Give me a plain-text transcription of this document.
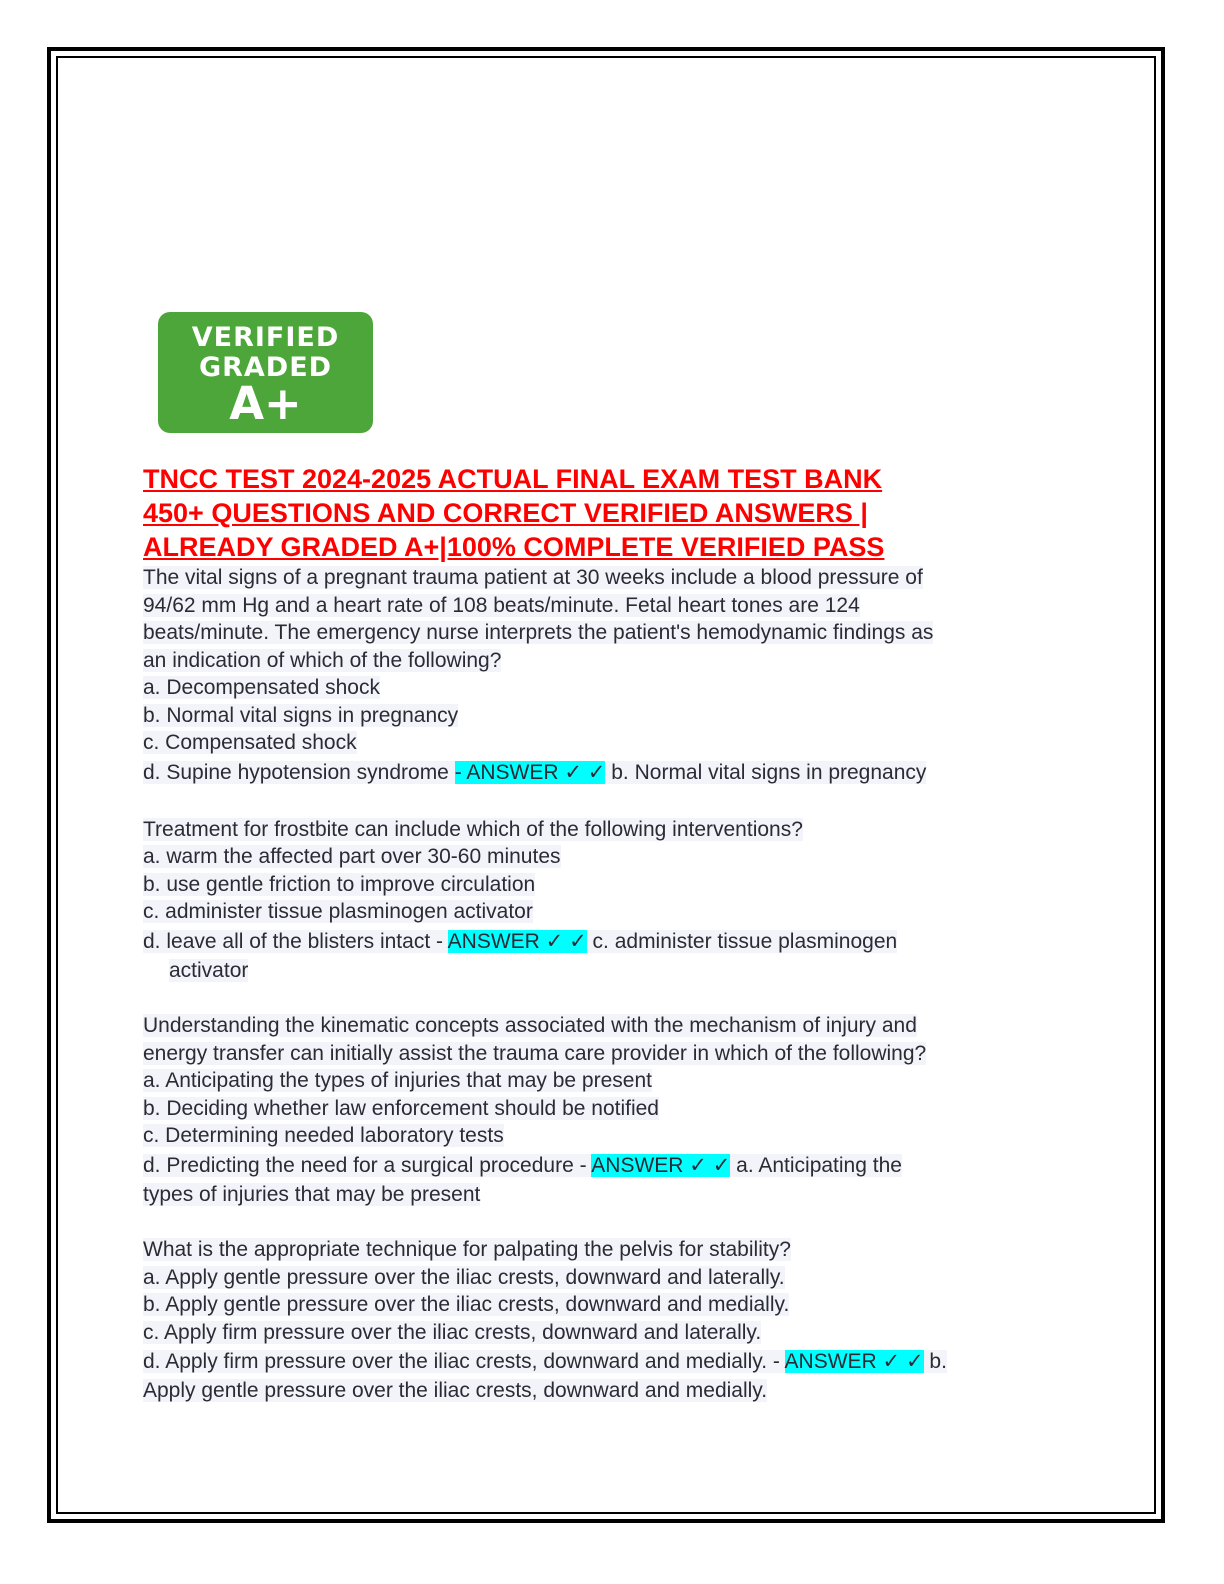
VERIFIED
GRADED
A+
TNCC TEST 2024-2025 ACTUAL FINAL EXAM TEST BANK
450+ QUESTIONS AND CORRECT VERIFIED ANSWERS |
ALREADY GRADED A+|100% COMPLETE VERIFIED PASS
The vital signs of a pregnant trauma patient at 30 weeks include a blood pressure of
94/62 mm Hg and a heart rate of 108 beats/minute. Fetal heart tones are 124
beats/minute. The emergency nurse interprets the patient's hemodynamic findings as
an indication of which of the following?
a. Decompensated shock
b. Normal vital signs in pregnancy
c. Compensated shock
d. Supine hypotension syndrome - ANSWER ✓ ✓ b. Normal vital signs in pregnancy
Treatment for frostbite can include which of the following interventions?
a. warm the affected part over 30-60 minutes
b. use gentle friction to improve circulation
c. administer tissue plasminogen activator
d. leave all of the blisters intact - ANSWER ✓ ✓ c. administer tissue plasminogen
activator
Understanding the kinematic concepts associated with the mechanism of injury and
energy transfer can initially assist the trauma care provider in which of the following?
a. Anticipating the types of injuries that may be present
b. Deciding whether law enforcement should be notified
c. Determining needed laboratory tests
d. Predicting the need for a surgical procedure - ANSWER ✓ ✓ a. Anticipating the
types of injuries that may be present
What is the appropriate technique for palpating the pelvis for stability?
a. Apply gentle pressure over the iliac crests, downward and laterally.
b. Apply gentle pressure over the iliac crests, downward and medially.
c. Apply firm pressure over the iliac crests, downward and laterally.
d. Apply firm pressure over the iliac crests, downward and medially. - ANSWER ✓ ✓ b.
Apply gentle pressure over the iliac crests, downward and medially.
